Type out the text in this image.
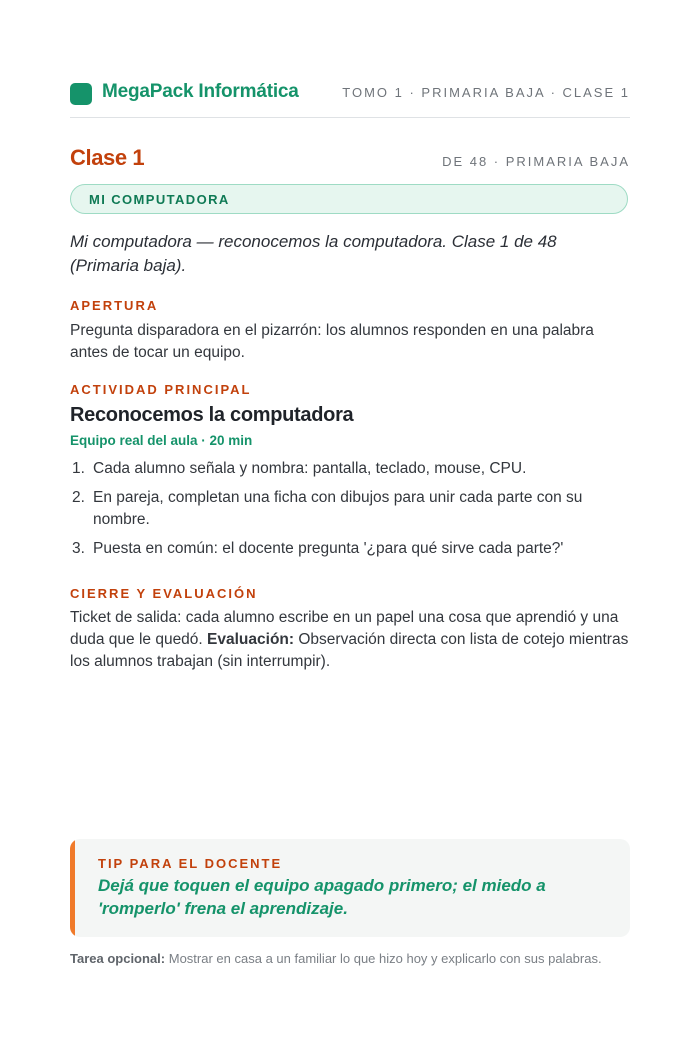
MegaPack Informática	TOMO 1 · PRIMARIA BAJA · CLASE 1
Clase 1	DE 48 · PRIMARIA BAJA
MI COMPUTADORA
Mi computadora — reconocemos la computadora. Clase 1 de 48 (Primaria baja).
APERTURA
Pregunta disparadora en el pizarrón: los alumnos responden en una palabra antes de tocar un equipo.
ACTIVIDAD PRINCIPAL
Reconocemos la computadora
Equipo real del aula · 20 min
1. Cada alumno señala y nombra: pantalla, teclado, mouse, CPU.
2. En pareja, completan una ficha con dibujos para unir cada parte con su nombre.
3. Puesta en común: el docente pregunta '¿para qué sirve cada parte?'
CIERRE Y EVALUACIÓN
Ticket de salida: cada alumno escribe en un papel una cosa que aprendió y una duda que le quedó. Evaluación: Observación directa con lista de cotejo mientras los alumnos trabajan (sin interrumpir).
TIP PARA EL DOCENTE
Dejá que toquen el equipo apagado primero; el miedo a 'romperlo' frena el aprendizaje.
Tarea opcional: Mostrar en casa a un familiar lo que hizo hoy y explicarlo con sus palabras.
